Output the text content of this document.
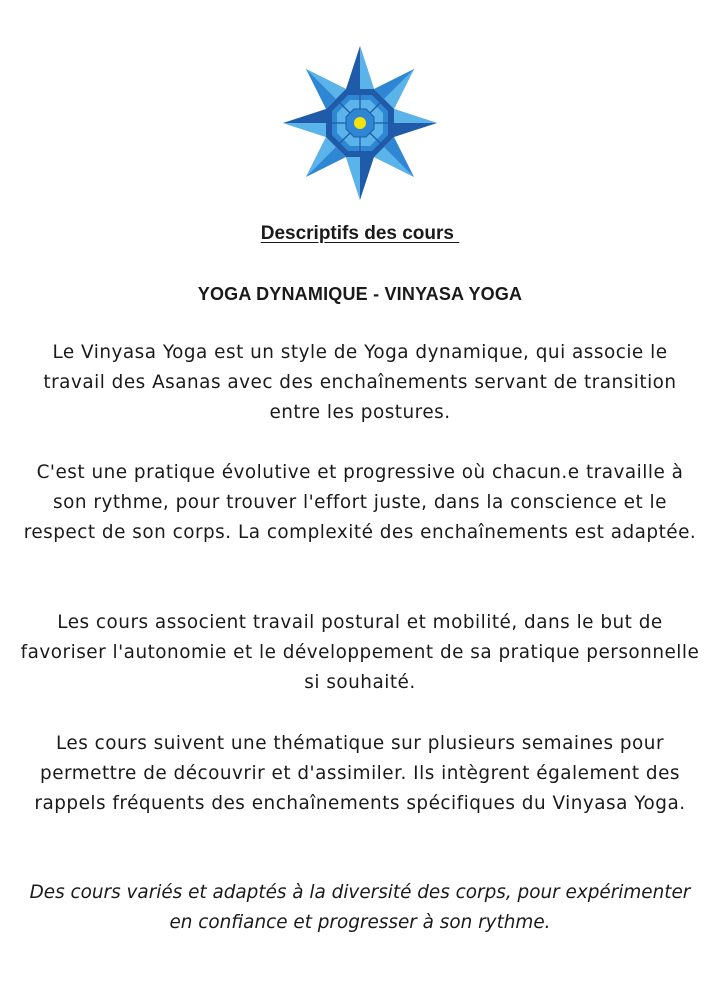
Descriptifs des cours
YOGA DYNAMIQUE - VINYASA YOGA

Le Vinyasa Yoga est un style de Yoga dynamique, qui associe le travail des Asanas avec des enchaînements servant de transition entre les postures.

C'est une pratique évolutive et progressive où chacun.e travaille à son rythme, pour trouver l'effort juste, dans la conscience et le respect de son corps. La complexité des enchaînements est adaptée.

Les cours associent travail postural et mobilité, dans le but de favoriser l'autonomie et le développement de sa pratique personnelle si souhaité.

Les cours suivent une thématique sur plusieurs semaines pour permettre de découvrir et d'assimiler. Ils intègrent également des rappels fréquents des enchaînements spécifiques du Vinyasa Yoga.

Des cours variés et adaptés à la diversité des corps, pour expérimenter en confiance et progresser à son rythme.
